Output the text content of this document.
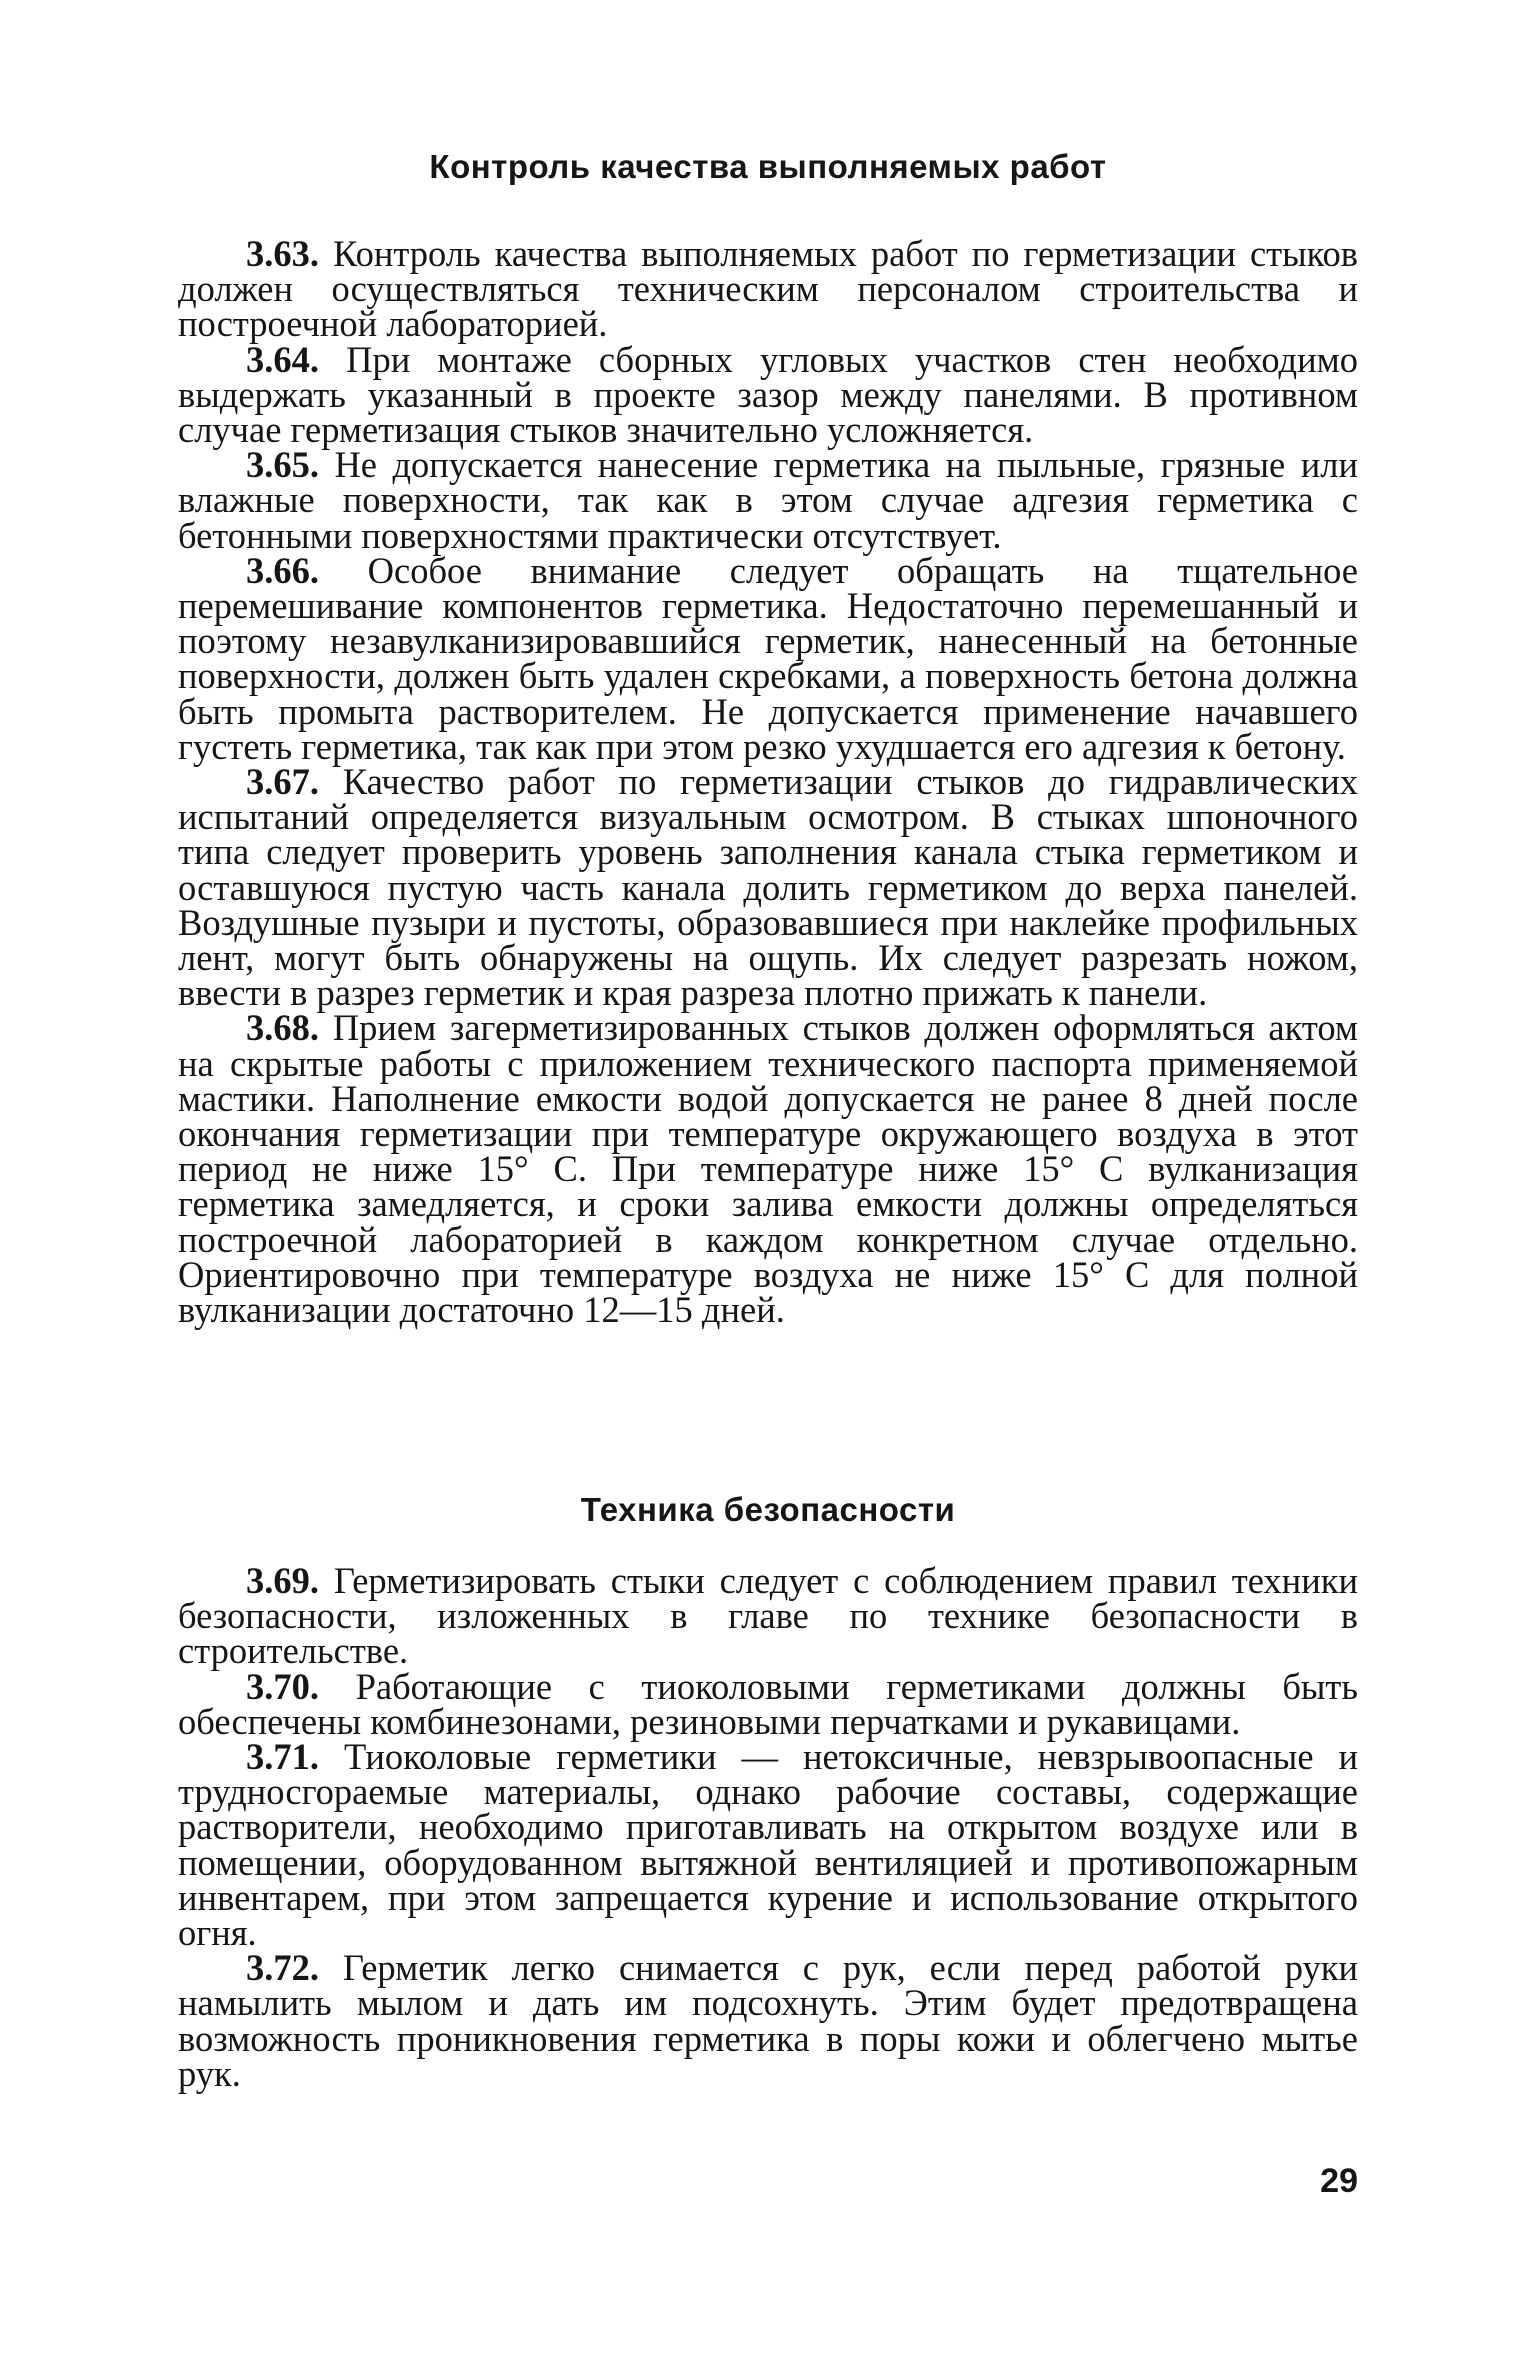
Контроль качества выполняемых работ

3.63. Контроль качества выполняемых работ по герметизации стыков должен осуществляться техническим персоналом строительства и построечной лабораторией.

3.64. При монтаже сборных угловых участков стен необходимо выдержать указанный в проекте зазор между панелями. В противном случае герметизация стыков значительно усложняется.

3.65. Не допускается нанесение герметика на пыльные, грязные или влажные поверхности, так как в этом случае адгезия герметика с бетонными поверхностями практически отсутствует.

3.66. Особое внимание следует обращать на тщательное перемешивание компонентов герметика. Недостаточно перемешанный и поэтому незавулканизировавшийся герметик, нанесенный на бетонные поверхности, должен быть удален скребками, а поверхность бетона должна быть промыта растворителем. Не допускается применение начавшего густеть герметика, так как при этом резко ухудшается его адгезия к бетону.

3.67. Качество работ по герметизации стыков до гидравлических испытаний определяется визуальным осмотром. В стыках шпоночного типа следует проверить уровень заполнения канала стыка герметиком и оставшуюся пустую часть канала долить герметиком до верха панелей. Воздушные пузыри и пустоты, образовавшиеся при наклейке профильных лент, могут быть обнаружены на ощупь. Их следует разрезать ножом, ввести в разрез герметик и края разреза плотно прижать к панели.

3.68. Прием загерметизированных стыков должен оформляться актом на скрытые работы с приложением технического паспорта применяемой мастики. Наполнение емкости водой допускается не ранее 8 дней после окончания герметизации при температуре окружающего воздуха в этот период не ниже 15° С. При температуре ниже 15° С вулканизация герметика замедляется, и сроки залива емкости должны определяться построечной лабораторией в каждом конкретном случае отдельно. Ориентировочно при температуре воздуха не ниже 15° С для полной вулканизации достаточно 12—15 дней.

Техника безопасности

3.69. Герметизировать стыки следует с соблюдением правил техники безопасности, изложенных в главе по технике безопасности в строительстве.

3.70. Работающие с тиоколовыми герметиками должны быть обеспечены комбинезонами, резиновыми перчатками и рукавицами.

3.71. Тиоколовые герметики — нетоксичные, невзрывоопасные и трудносгораемые материалы, однако рабочие составы, содержащие растворители, необходимо приготавливать на открытом воздухе или в помещении, оборудованном вытяжной вентиляцией и противопожарным инвентарем, при этом запрещается курение и использование открытого огня.

3.72. Герметик легко снимается с рук, если перед работой руки намылить мылом и дать им подсохнуть. Этим будет предотвращена возможность проникновения герметика в поры кожи и облегчено мытье рук.

29
